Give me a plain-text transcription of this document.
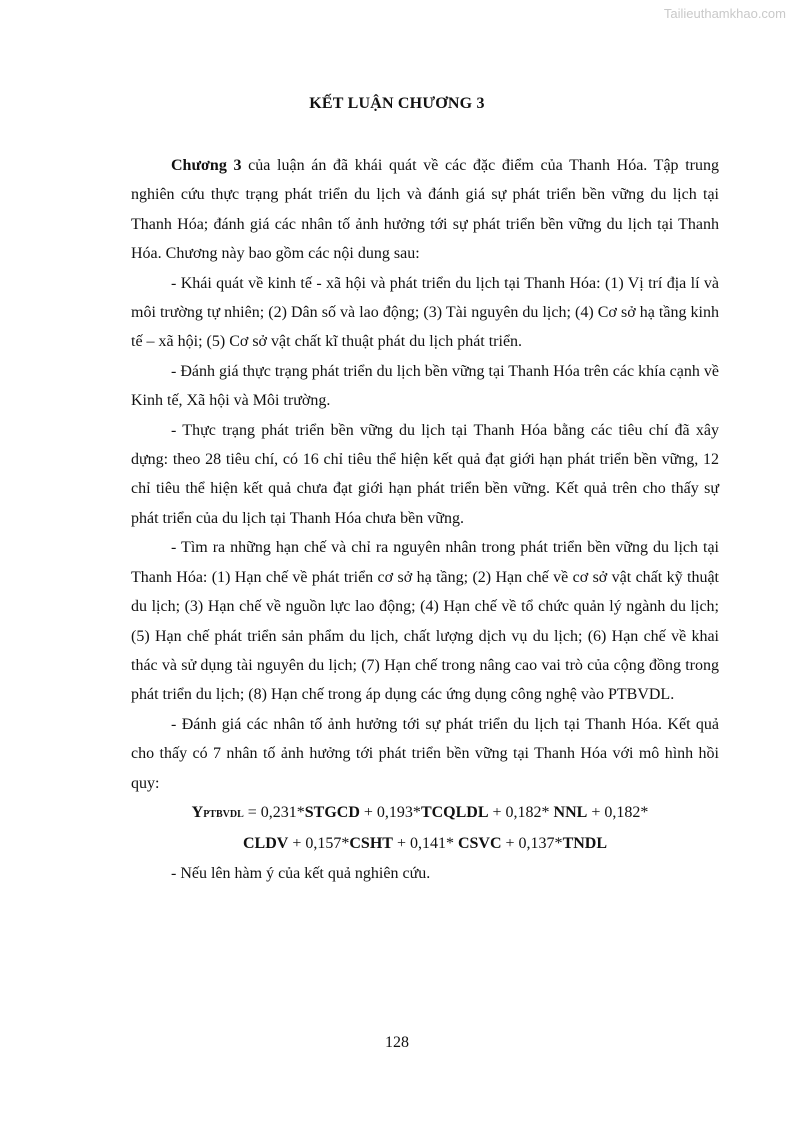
Tailieuthamkhao.com
KẾT LUẬN CHƯƠNG 3

Chương 3 của luận án đã khái quát về các đặc điểm của Thanh Hóa. Tập trung nghiên cứu thực trạng phát triển du lịch và đánh giá sự phát triển bền vững du lịch tại Thanh Hóa; đánh giá các nhân tố ảnh hưởng tới sự phát triển bền vững du lịch tại Thanh Hóa. Chương này bao gồm các nội dung sau:

- Khái quát về kinh tế - xã hội và phát triển du lịch tại Thanh Hóa: (1) Vị trí địa lí và môi trường tự nhiên; (2) Dân số và lao động; (3) Tài nguyên du lịch; (4) Cơ sở hạ tầng kinh tế – xã hội; (5) Cơ sở vật chất kĩ thuật phát du lịch phát triển.

- Đánh giá thực trạng phát triển du lịch bền vững tại Thanh Hóa trên các khía cạnh về Kinh tế, Xã hội và Môi trường.

- Thực trạng phát triển bền vững du lịch tại Thanh Hóa bằng các tiêu chí đã xây dựng: theo 28 tiêu chí, có 16 chỉ tiêu thể hiện kết quả đạt giới hạn phát triển bền vững, 12 chỉ tiêu thể hiện kết quả chưa đạt giới hạn phát triển bền vững. Kết quả trên cho thấy sự phát triển của du lịch tại Thanh Hóa chưa bền vững.

- Tìm ra những hạn chế và chỉ ra nguyên nhân trong phát triển bền vững du lịch tại Thanh Hóa: (1) Hạn chế về phát triển cơ sở hạ tầng; (2) Hạn chế về cơ sở vật chất kỹ thuật du lịch; (3) Hạn chế về nguồn lực lao động; (4) Hạn chế về tổ chức quản lý ngành du lịch; (5) Hạn chế phát triển sản phẩm du lịch, chất lượng dịch vụ du lịch; (6) Hạn chế về khai thác và sử dụng tài nguyên du lịch; (7) Hạn chế trong nâng cao vai trò của cộng đồng trong phát triển du lịch; (8) Hạn chế trong áp dụng các ứng dụng công nghệ vào PTBVDL.

- Đánh giá các nhân tố ảnh hưởng tới sự phát triển du lịch tại Thanh Hóa. Kết quả cho thấy có 7 nhân tố ảnh hưởng tới phát triển bền vững tại Thanh Hóa với mô hình hồi quy:

YPTBVDL = 0,231*STGCD + 0,193*TCQLDL + 0,182* NNL + 0,182*

CLDV + 0,157*CSHT + 0,141* CSVC + 0,137*TNDL

- Nếu lên hàm ý của kết quả nghiên cứu.

128
